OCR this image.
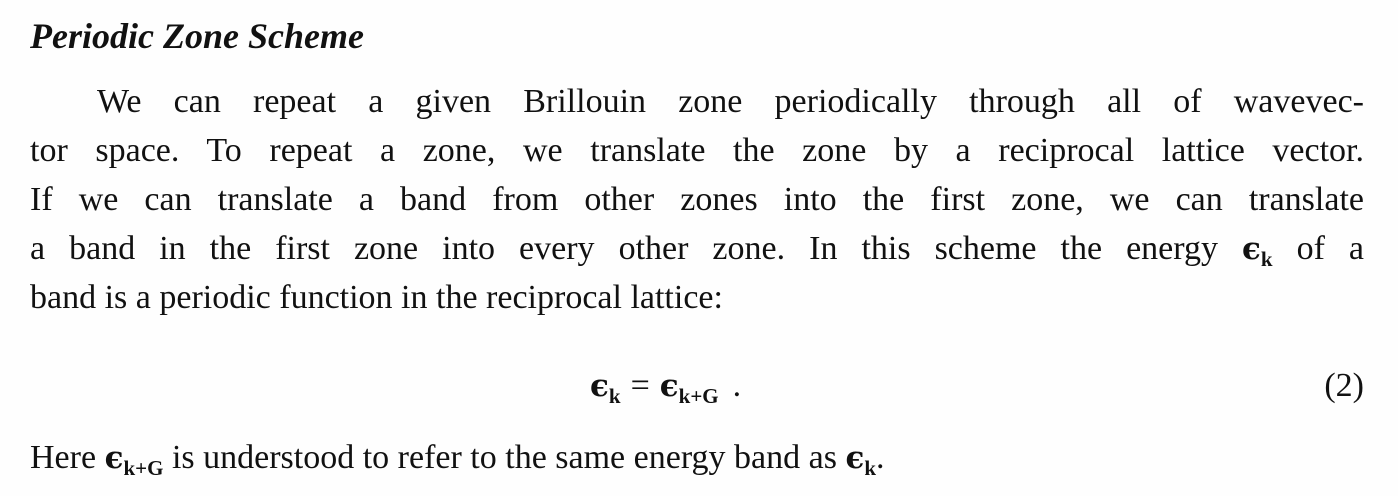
Periodic Zone Scheme
We can repeat a given Brillouin zone periodically through all of wavevec-
tor space. To repeat a zone, we translate the zone by a reciprocal lattice vector.
If we can translate a band from other zones into the first zone, we can translate
a band in the first zone into every other zone. In this scheme the energy $\epsilon_k$ of a
band is a periodic function in the reciprocal lattice:
$\epsilon_k = \epsilon_{k+G}$ .	(2)
Here $\epsilon_{k+G}$ is understood to refer to the same energy band as $\epsilon_k$.
